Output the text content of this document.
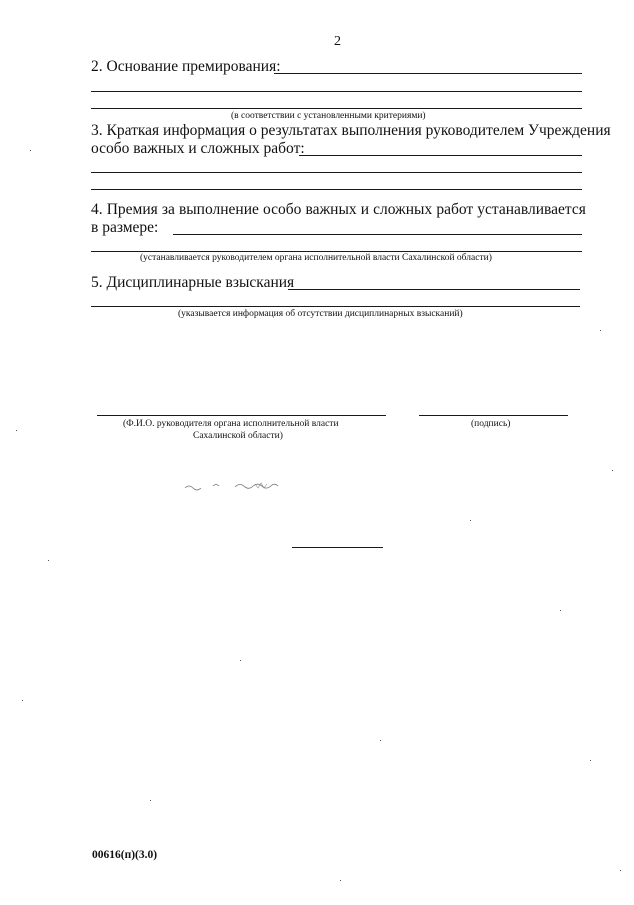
2
2. Основание премирования:
(в соответствии с установленными критериями)
3. Краткая информация о результатах выполнения руководителем Учреждения
особо важных и сложных работ:
4. Премия за выполнение особо важных и сложных работ устанавливается
в размере:
(устанавливается руководителем органа исполнительной власти Сахалинской области)
5. Дисциплинарные взыскания
(указывается информация об отсутствии дисциплинарных взысканий)
(Ф.И.О. руководителя органа исполнительной власти
Сахалинской области)
(подпись)
00616(п)(3.0)
